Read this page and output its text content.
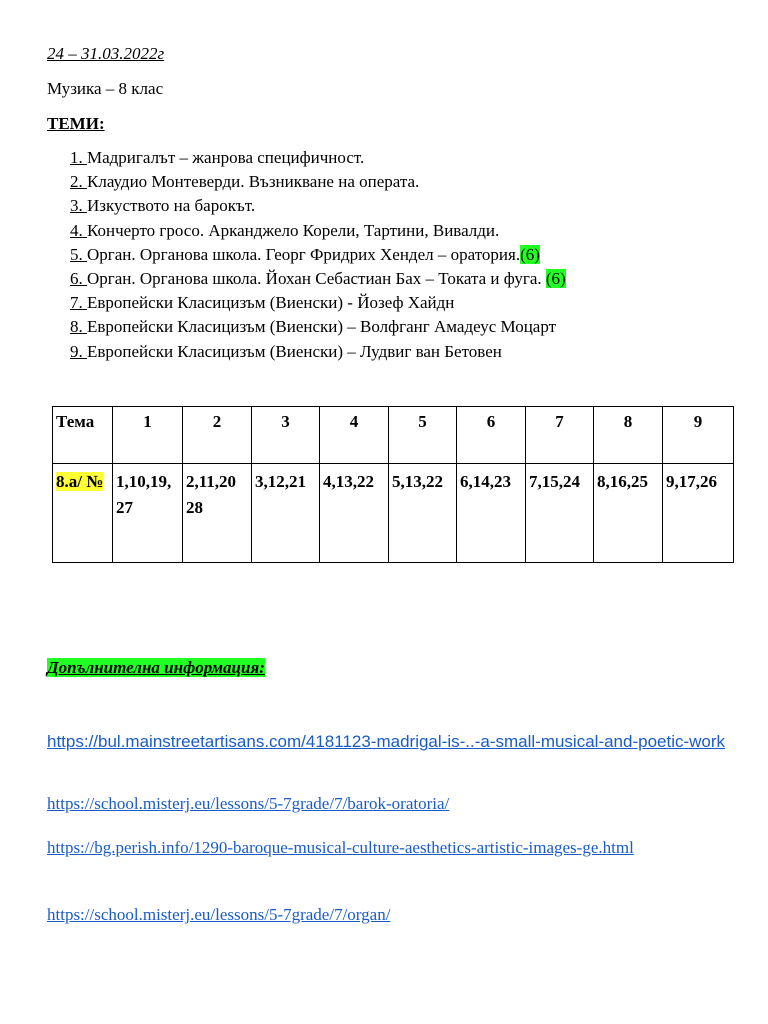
24 – 31.03.2022г
Музика – 8 клас
ТЕМИ:
1. Мадригалът – жанрова специфичност.
2. Клаудио Монтеверди. Възникване на операта.
3. Изкуството на барокът.
4. Кончерто гросо. Арканджело Корели, Тартини, Вивалди.
5. Орган. Органова школа. Георг Фридрих Хендел – оратория.(6)
6. Орган. Органова школа. Йохан Себастиан Бах – Токата и фуга. (6)
7. Европейски Класицизъм (Виенски) - Йозеф Хайдн
8. Европейски Класицизъм (Виенски) – Волфганг Амадеус Моцарт
9. Европейски Класицизъм (Виенски) – Лудвиг ван Бетовен
Тема	1	2	3	4	5	6	7	8	9
8.а/ №	1,10,19, 27	2,11,20 28	3,12,21	4,13,22	5,13,22	6,14,23	7,15,24	8,16,25	9,17,26
Допълнителна информация:
https://bul.mainstreetartisans.com/4181123-madrigal-is-..-a-small-musical-and-poetic-work
https://school.misterj.eu/lessons/5-7grade/7/barok-oratoria/
https://bg.perish.info/1290-baroque-musical-culture-aesthetics-artistic-images-ge.html
https://school.misterj.eu/lessons/5-7grade/7/organ/
